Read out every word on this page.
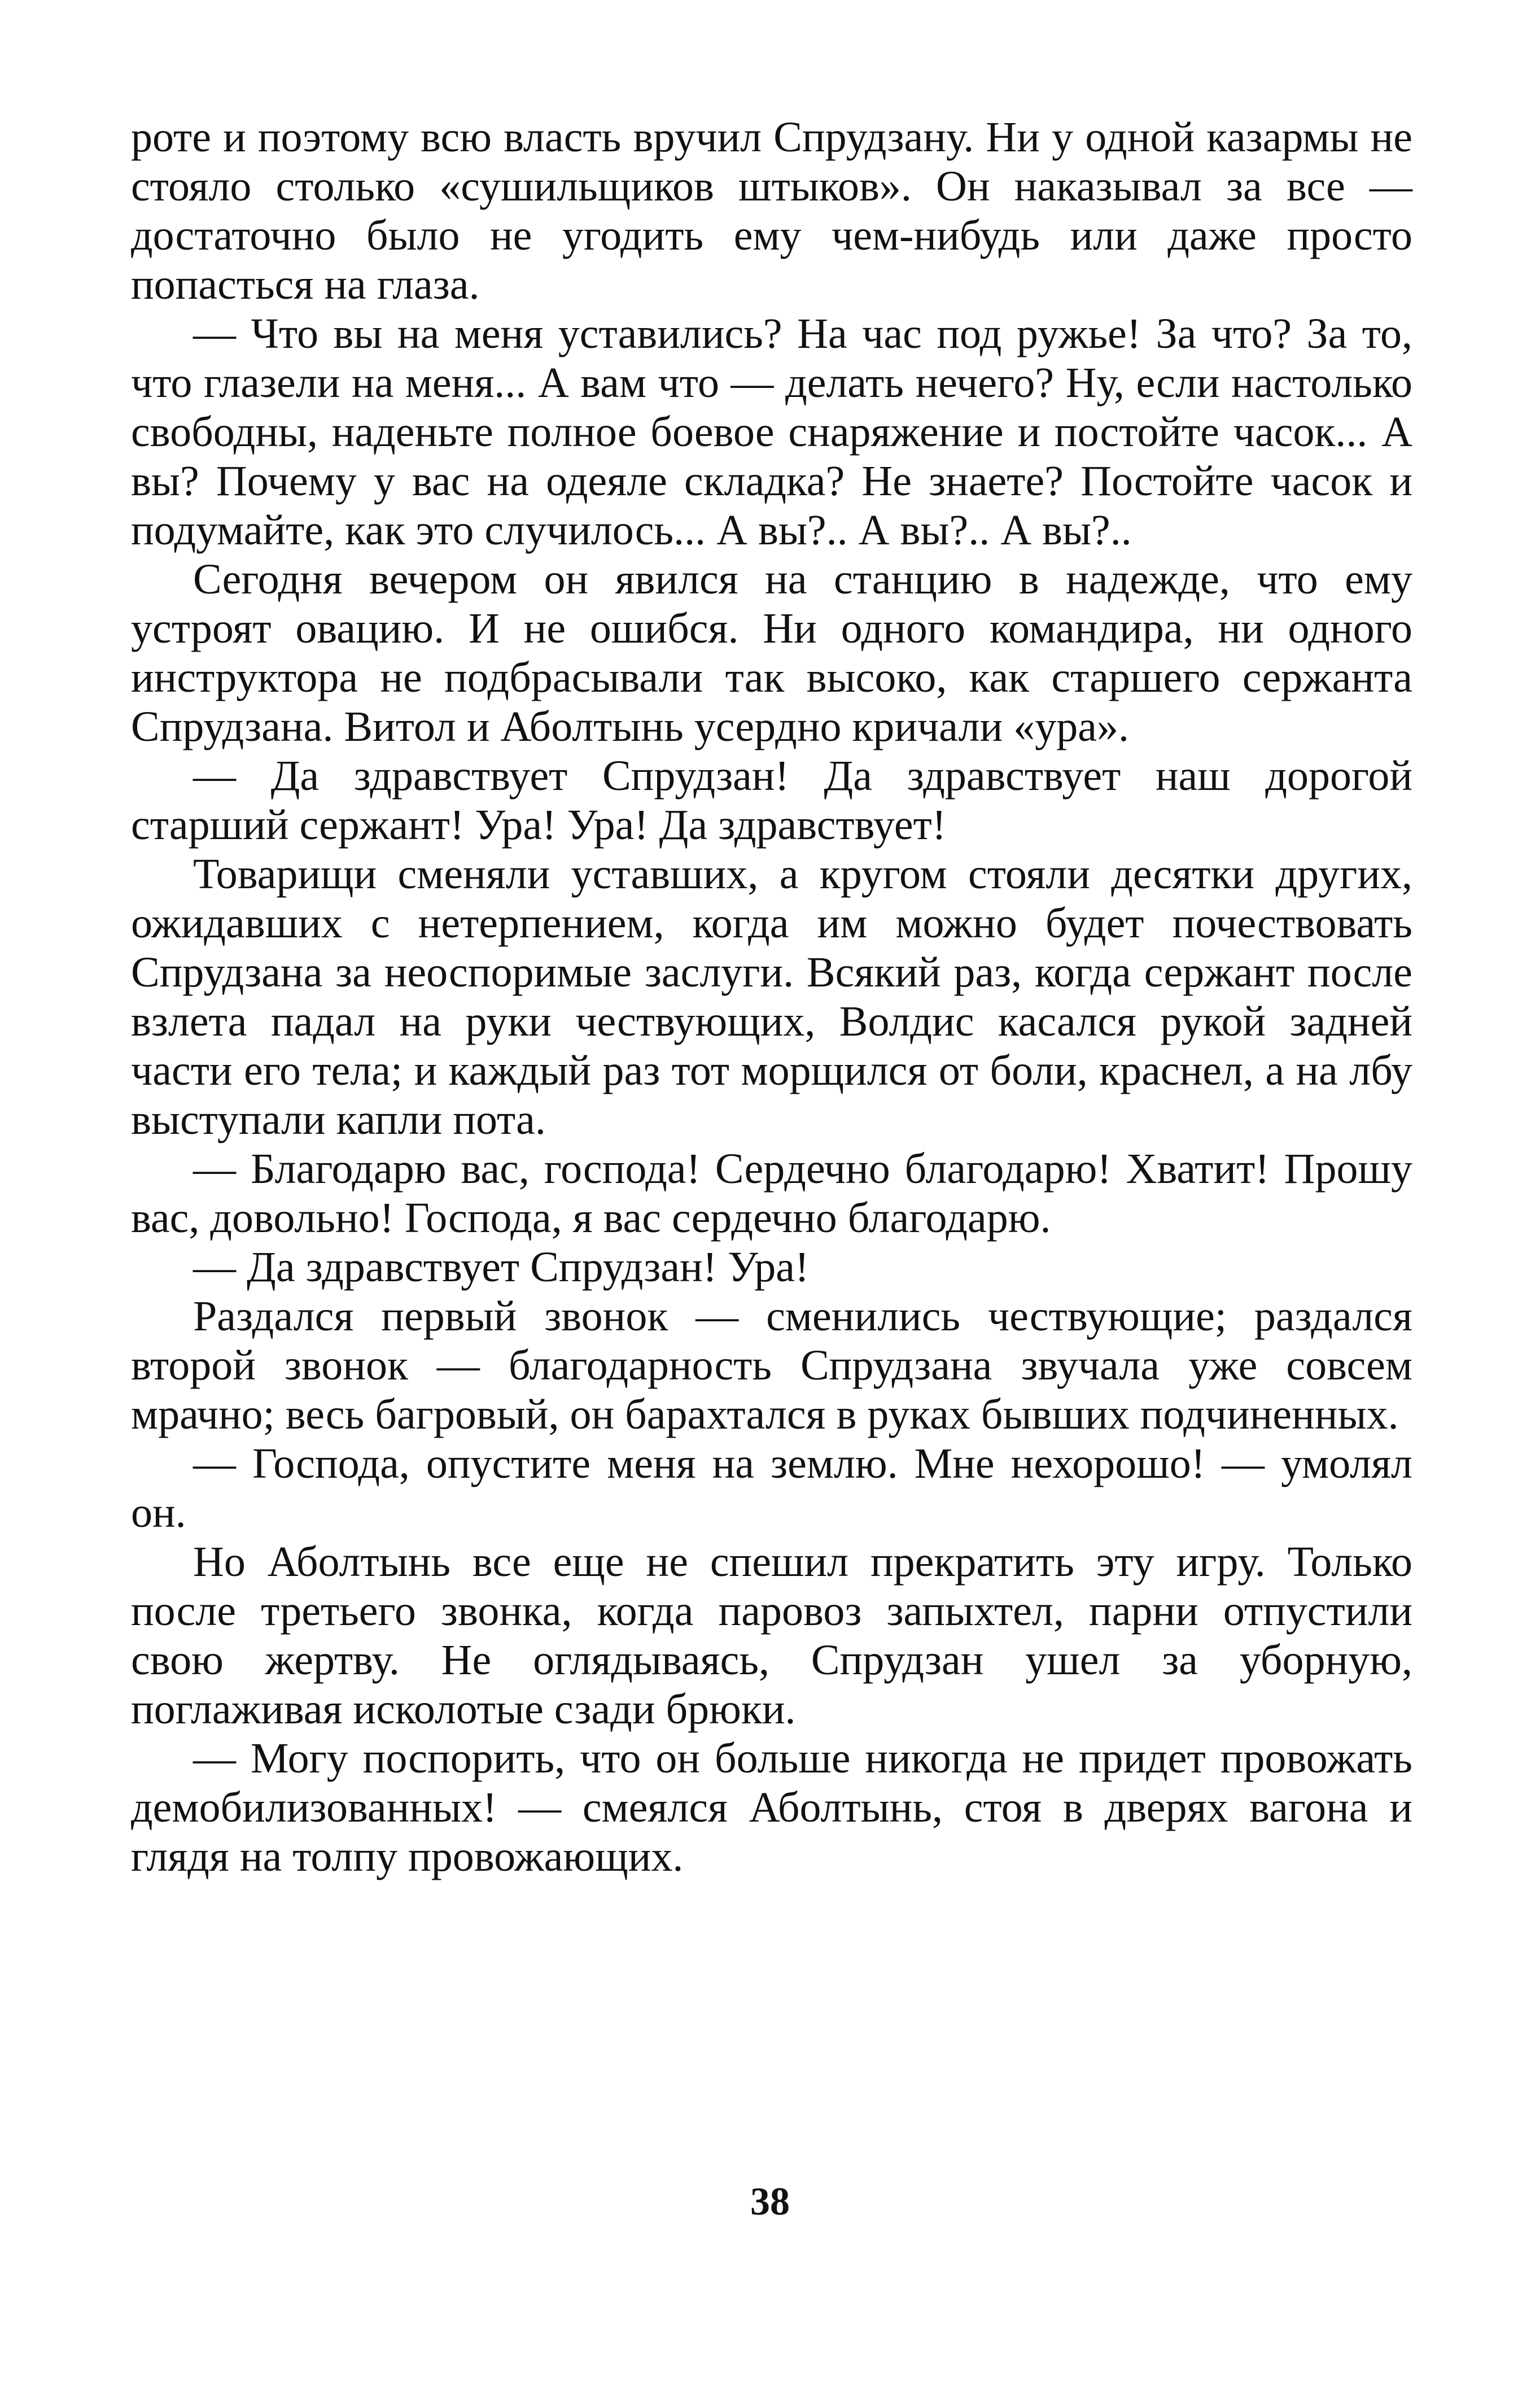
роте и поэтому всю власть вручил Спрудзану. Ни у одной казармы не стояло столько «сушильщиков штыков». Он наказывал за все — достаточно было не угодить ему чем-нибудь или даже просто попасться на глаза.

— Что вы на меня уставились? На час под ружье! За что? За то, что глазели на меня... А вам что — делать нечего? Ну, если настолько свободны, наденьте полное боевое снаряжение и постойте часок... А вы? Почему у вас на одеяле складка? Не знаете? Постойте часок и подумайте, как это случилось... А вы?.. А вы?.. А вы?..

Сегодня вечером он явился на станцию в надежде, что ему устроят овацию. И не ошибся. Ни одного командира, ни одного инструктора не подбрасывали так высоко, как старшего сержанта Спрудзана. Витол и Аболтынь усердно кричали «ура».

— Да здравствует Спрудзан! Да здравствует наш дорогой старший сержант! Ура! Ура! Да здравствует!

Товарищи сменяли уставших, а кругом стояли десятки других, ожидавших с нетерпением, когда им можно будет почествовать Спрудзана за неоспоримые заслуги. Всякий раз, когда сержант после взлета падал на руки чествующих, Волдис касался рукой задней части его тела; и каждый раз тот морщился от боли, краснел, а на лбу выступали капли пота.

— Благодарю вас, господа! Сердечно благодарю! Хватит! Прошу вас, довольно! Господа, я вас сердечно благодарю.

— Да здравствует Спрудзан! Ура!

Раздался первый звонок — сменились чествующие; раздался второй звонок — благодарность Спрудзана звучала уже совсем мрачно; весь багровый, он барахтался в руках бывших подчиненных.

— Господа, опустите меня на землю. Мне нехорошо! — умолял он.

Но Аболтынь все еще не спешил прекратить эту игру. Только после третьего звонка, когда паровоз запыхтел, парни отпустили свою жертву. Не оглядываясь, Спрудзан ушел за уборную, поглаживая исколотые сзади брюки.

— Могу поспорить, что он больше никогда не придет провожать демобилизованных! — смеялся Аболтынь, стоя в дверях вагона и глядя на толпу провожающих.

38
